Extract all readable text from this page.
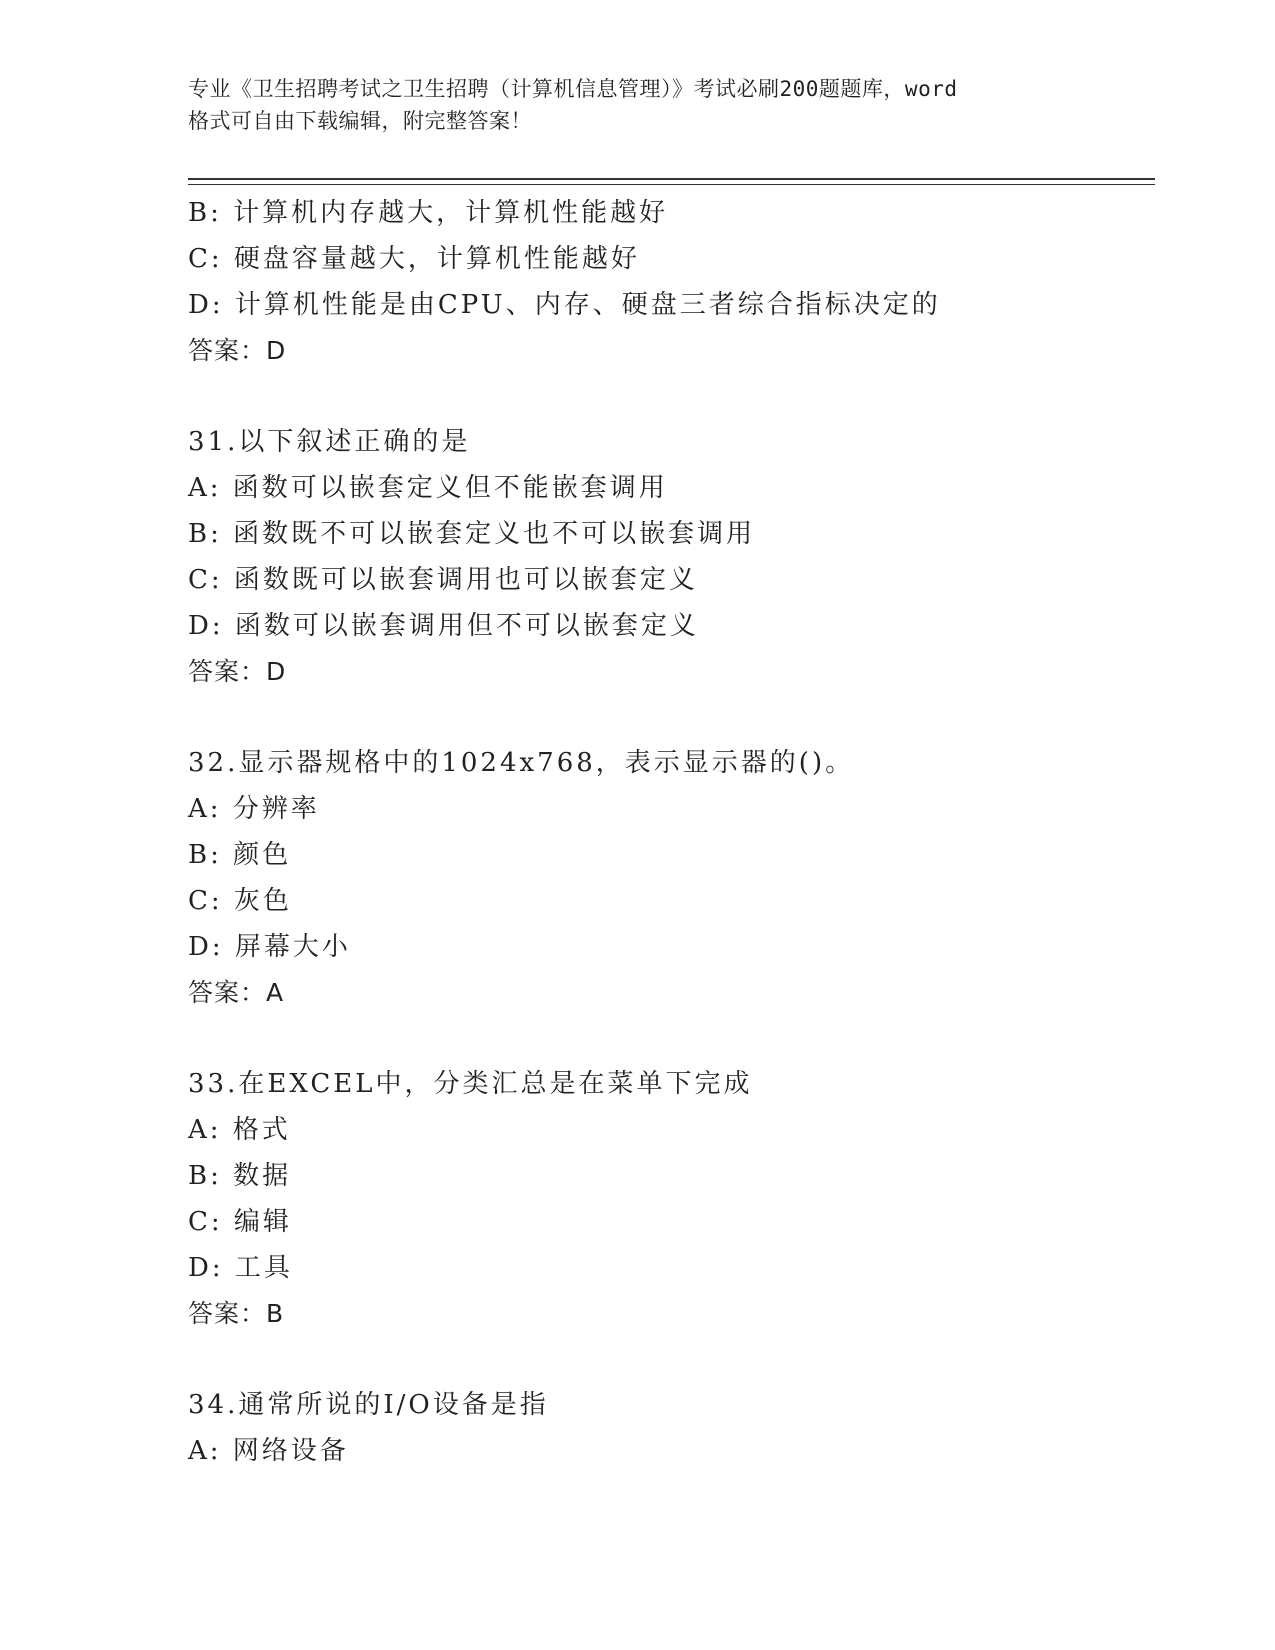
专业《卫生招聘考试之卫生招聘（计算机信息管理）》考试必刷200题题库，word
格式可自由下载编辑，附完整答案！
B: 计算机内存越大，计算机性能越好
C: 硬盘容量越大，计算机性能越好
D: 计算机性能是由CPU、内存、硬盘三者综合指标决定的
答案：D
31.以下叙述正确的是
A: 函数可以嵌套定义但不能嵌套调用
B: 函数既不可以嵌套定义也不可以嵌套调用
C: 函数既可以嵌套调用也可以嵌套定义
D: 函数可以嵌套调用但不可以嵌套定义
答案：D
32.显示器规格中的1024x768，表示显示器的()。
A: 分辨率
B: 颜色
C: 灰色
D: 屏幕大小
答案：A
33.在EXCEL中，分类汇总是在菜单下完成
A: 格式
B: 数据
C: 编辑
D: 工具
答案：B
34.通常所说的I/O设备是指
A: 网络设备
